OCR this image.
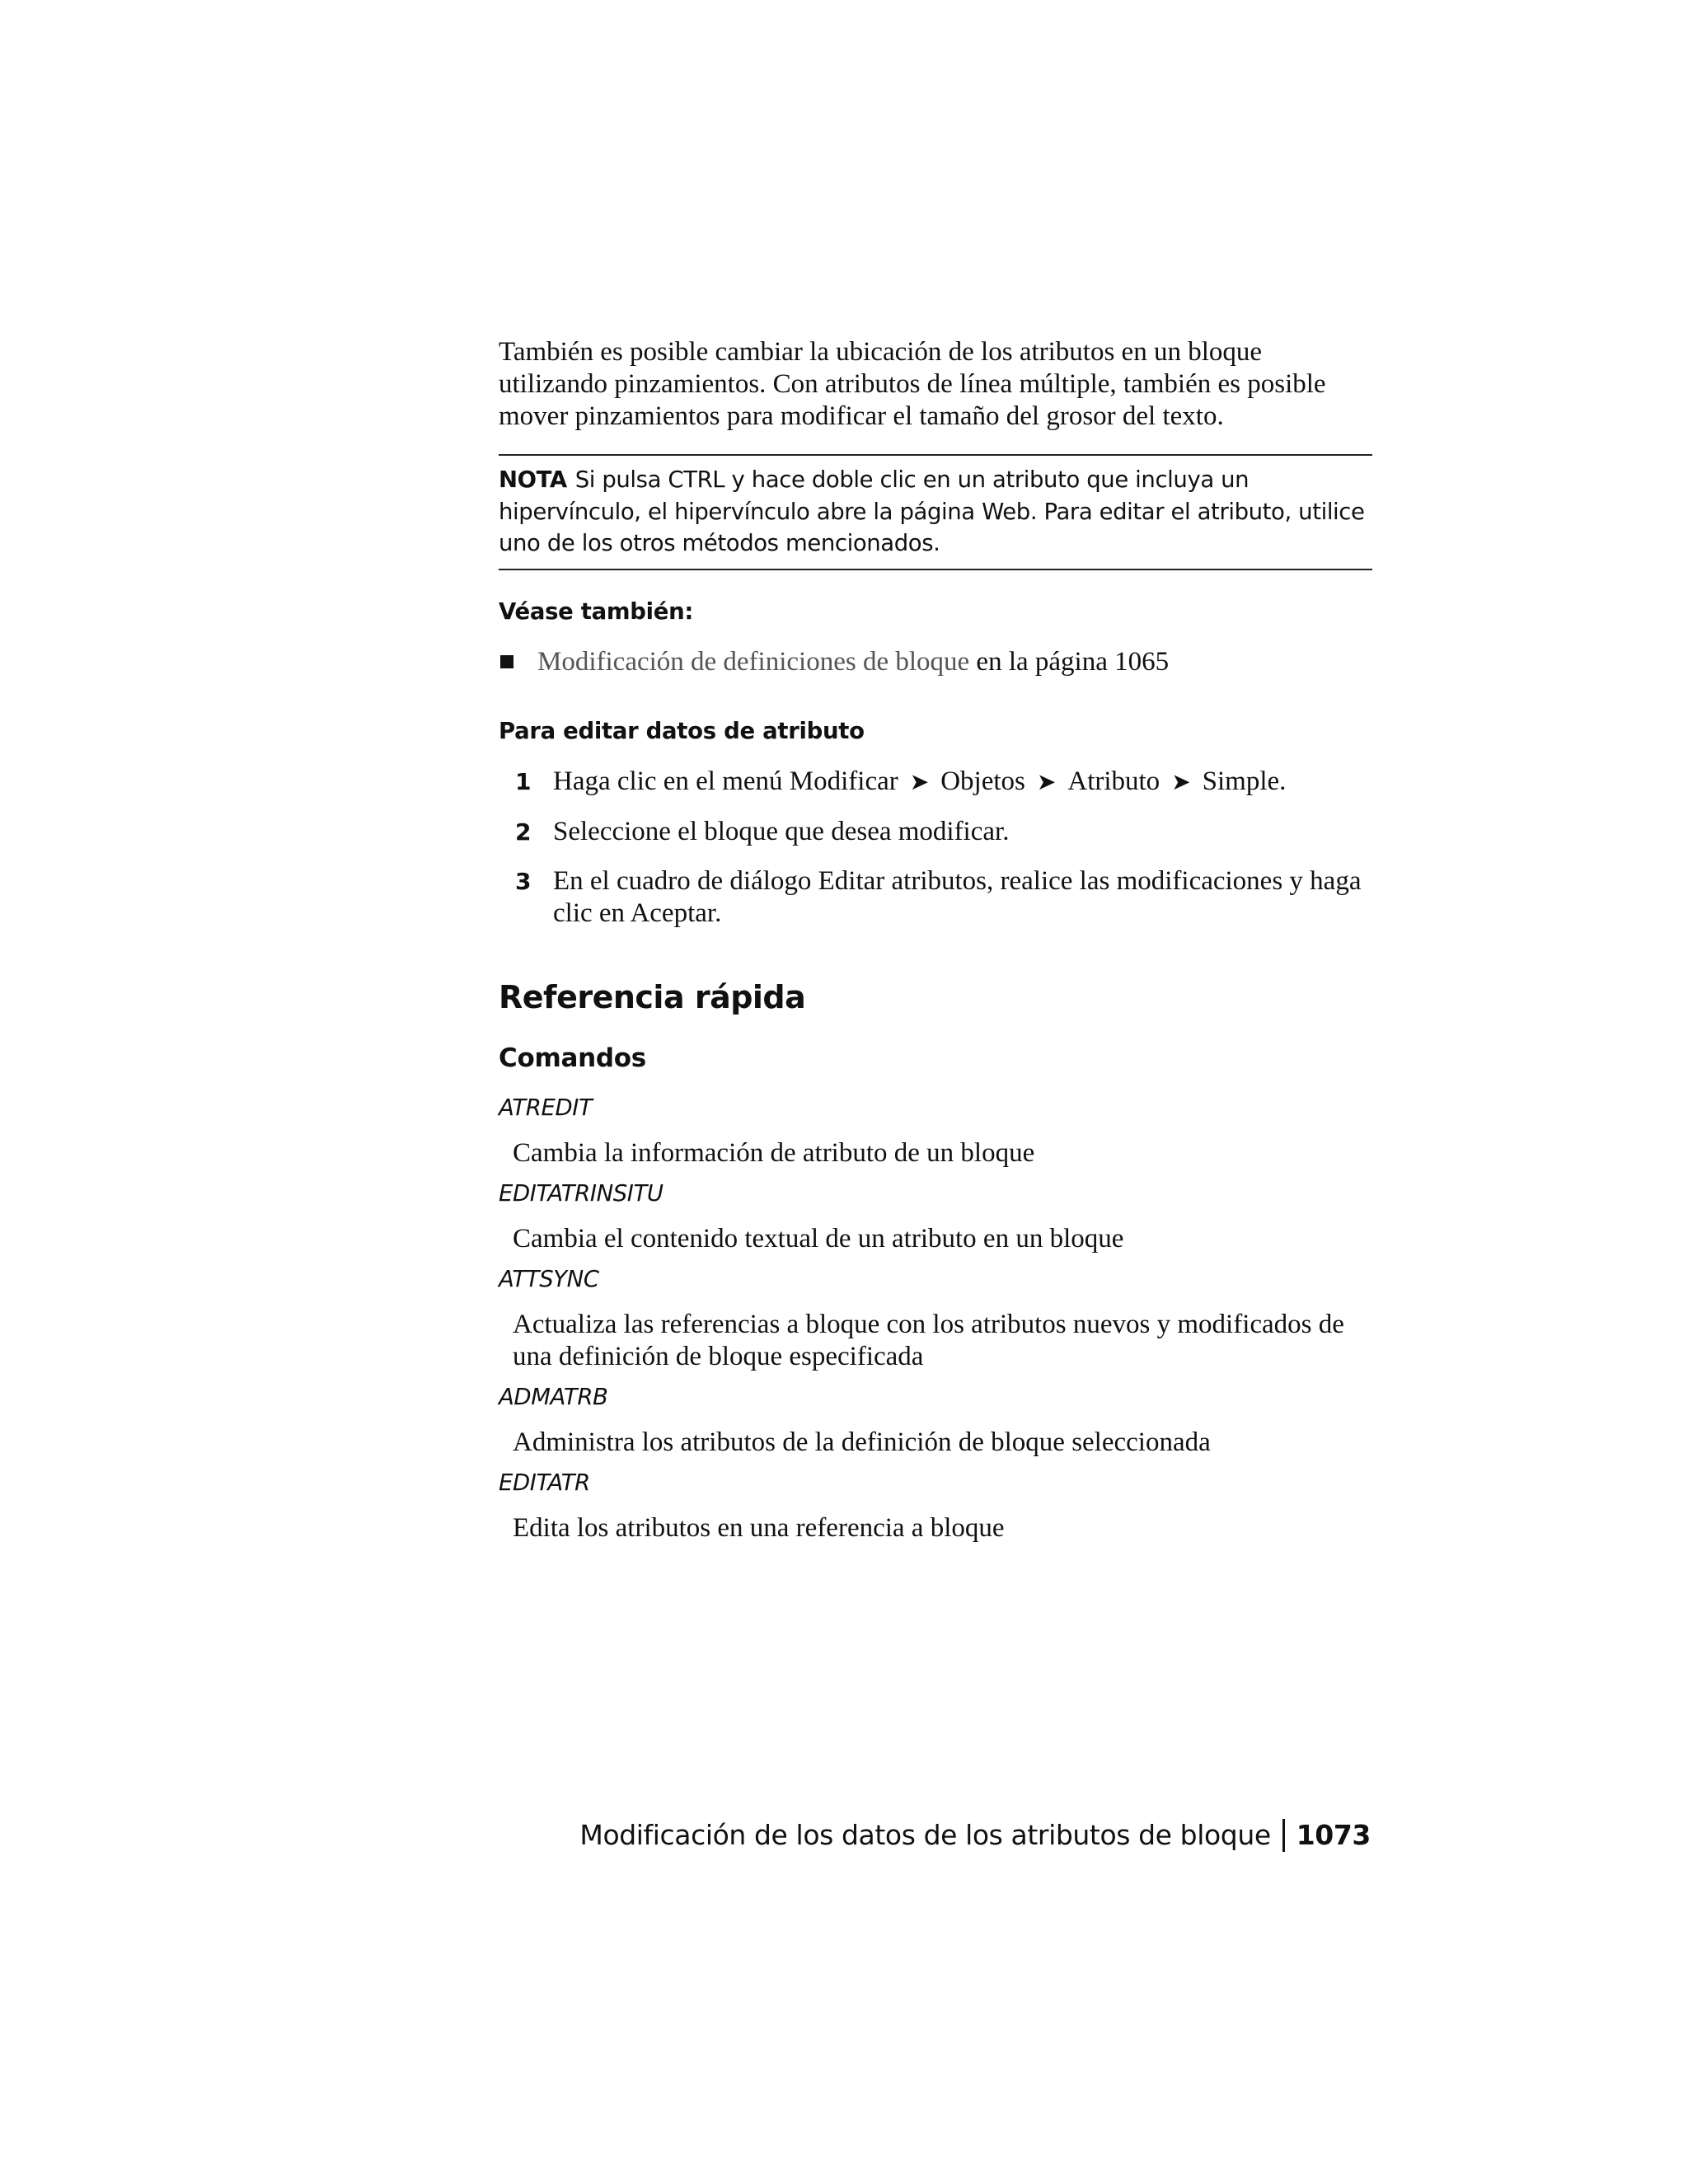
También es posible cambiar la ubicación de los atributos en un bloque utilizando pinzamientos. Con atributos de línea múltiple, también es posible mover pinzamientos para modificar el tamaño del grosor del texto.

NOTA Si pulsa CTRL y hace doble clic en un atributo que incluya un hipervínculo, el hipervínculo abre la página Web. Para editar el atributo, utilice uno de los otros métodos mencionados.
Véase también:
Modificación de definiciones de bloque en la página 1065
Para editar datos de atributo
1 Haga clic en el menú Modificar ➤ Objetos ➤ Atributo ➤ Simple.
2 Seleccione el bloque que desea modificar.
3 En el cuadro de diálogo Editar atributos, realice las modificaciones y haga clic en Aceptar.
Referencia rápida
Comandos
ATREDIT
Cambia la información de atributo de un bloque
EDITATRINSITU
Cambia el contenido textual de un atributo en un bloque
ATTSYNC
Actualiza las referencias a bloque con los atributos nuevos y modificados de una definición de bloque especificada
ADMATRB
Administra los atributos de la definición de bloque seleccionada
EDITATR
Edita los atributos en una referencia a bloque
Modificación de los datos de los atributos de bloque 1073
